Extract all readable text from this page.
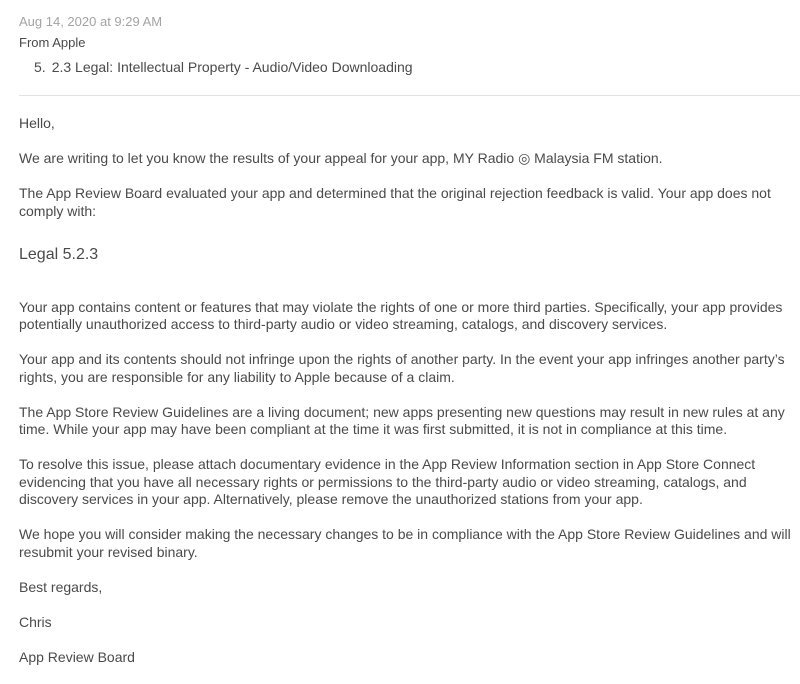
Aug 14, 2020 at 9:29 AM
From Apple
5. 2.3 Legal: Intellectual Property - Audio/Video Downloading

Hello,

We are writing to let you know the results of your appeal for your app, MY Radio ◎ Malaysia FM station.

The App Review Board evaluated your app and determined that the original rejection feedback is valid. Your app does not comply with:

Legal 5.2.3

Your app contains content or features that may violate the rights of one or more third parties. Specifically, your app provides potentially unauthorized access to third-party audio or video streaming, catalogs, and discovery services.

Your app and its contents should not infringe upon the rights of another party. In the event your app infringes another party’s rights, you are responsible for any liability to Apple because of a claim.

The App Store Review Guidelines are a living document; new apps presenting new questions may result in new rules at any time. While your app may have been compliant at the time it was first submitted, it is not in compliance at this time.

To resolve this issue, please attach documentary evidence in the App Review Information section in App Store Connect evidencing that you have all necessary rights or permissions to the third-party audio or video streaming, catalogs, and discovery services in your app. Alternatively, please remove the unauthorized stations from your app.

We hope you will consider making the necessary changes to be in compliance with the App Store Review Guidelines and will resubmit your revised binary.

Best regards,

Chris

App Review Board
